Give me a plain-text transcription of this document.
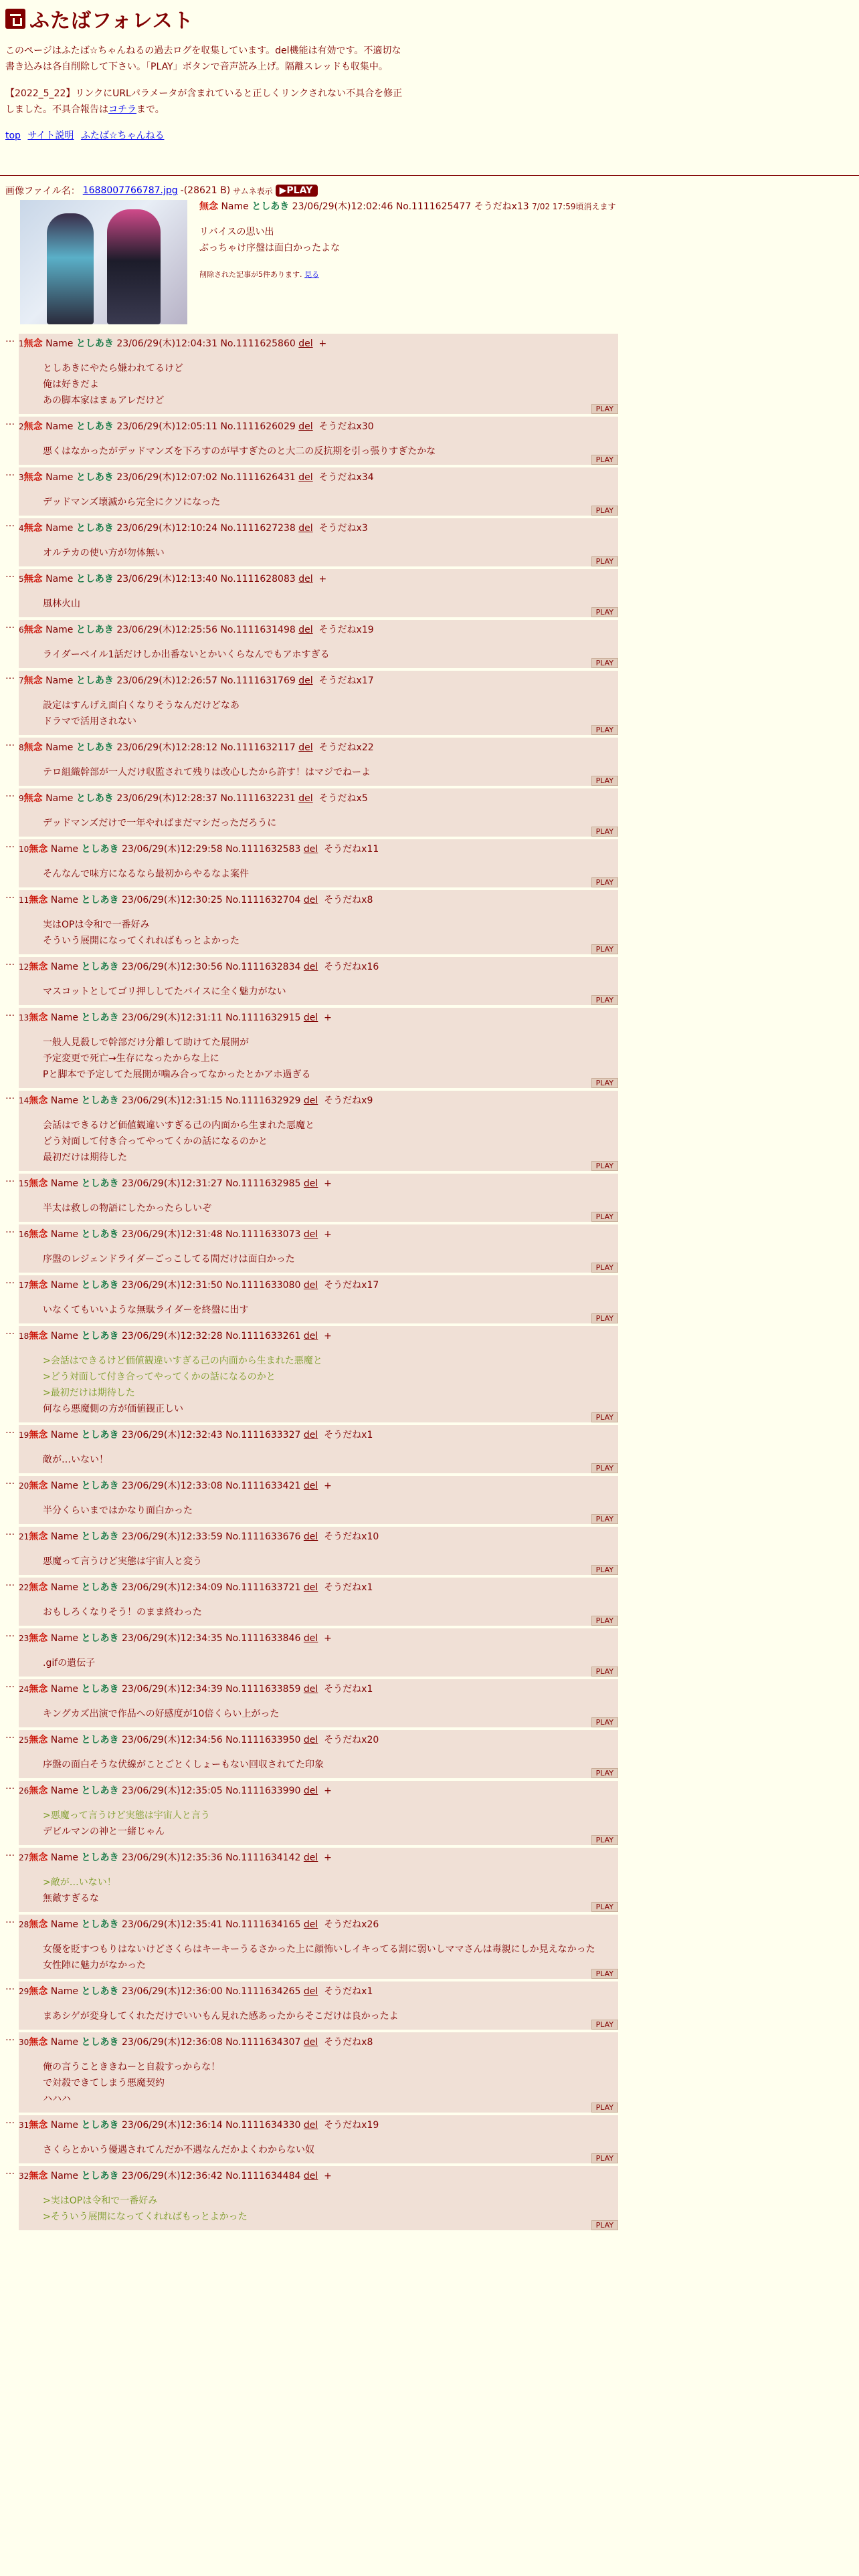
ふたばフォレスト

このページはふたば☆ちゃんねるの過去ログを収集しています。del機能は有効です。不適切な書き込みは各自削除して下さい。「PLAY」ボタンで音声読み上げ。隔離スレッドも収集中。

【2022_5_22】リンクにURLパラメータが含まれていると正しくリンクされない不具合を修正しました。不具合報告はコチラまで。

top サイト説明 ふたば☆ちゃんねる
画像ファイル名： 1688007766787.jpg -(28621 B) サムネ表示 ▶PLAY
無念 Name としあき 23/06/29(木)12:02:46 No.1111625477 そうだねx13 7/02 17:59頃消えます
リバイスの思い出
ぶっちゃけ序盤は面白かったよな
削除された記事が5件あります. 見る
… 1無念 Name としあき 23/06/29(木)12:04:31 No.1111625860 del +
としあきにやたら嫌われてるけど
俺は好きだよ
あの脚本家はまぁアレだけど
PLAY
… 2無念 Name としあき 23/06/29(木)12:05:11 No.1111626029 del そうだねx30
悪くはなかったがデッドマンズを下ろすのが早すぎたのと大二の反抗期を引っ張りすぎたかな
PLAY
… 3無念 Name としあき 23/06/29(木)12:07:02 No.1111626431 del そうだねx34
デッドマンズ壊滅から完全にクソになった
PLAY
… 4無念 Name としあき 23/06/29(木)12:10:24 No.1111627238 del そうだねx3
オルテカの使い方が勿体無い
PLAY
… 5無念 Name としあき 23/06/29(木)12:13:40 No.1111628083 del +
風林火山
PLAY
… 6無念 Name としあき 23/06/29(木)12:25:56 No.1111631498 del そうだねx19
ライダーベイル1話だけしか出番ないとかいくらなんでもアホすぎる
PLAY
… 7無念 Name としあき 23/06/29(木)12:26:57 No.1111631769 del そうだねx17
設定はすんげえ面白くなりそうなんだけどなあ
ドラマで活用されない
PLAY
… 8無念 Name としあき 23/06/29(木)12:28:12 No.1111632117 del そうだねx22
テロ組織幹部が一人だけ収監されて残りは改心したから許す！はマジでねーよ
PLAY
… 9無念 Name としあき 23/06/29(木)12:28:37 No.1111632231 del そうだねx5
デッドマンズだけで一年やればまだマシだっただろうに
PLAY
… 10無念 Name としあき 23/06/29(木)12:29:58 No.1111632583 del そうだねx11
そんなんで味方になるなら最初からやるなよ案件
PLAY
… 11無念 Name としあき 23/06/29(木)12:30:25 No.1111632704 del そうだねx8
実はOPは令和で一番好み
そういう展開になってくれればもっとよかった
PLAY
… 12無念 Name としあき 23/06/29(木)12:30:56 No.1111632834 del そうだねx16
マスコットとしてゴリ押ししてたバイスに全く魅力がない
PLAY
… 13無念 Name としあき 23/06/29(木)12:31:11 No.1111632915 del +
一般人見殺しで幹部だけ分離して助けてた展開が
予定変更で死亡→生存になったからな上に
Pと脚本で予定してた展開が噛み合ってなかったとかアホ過ぎる
PLAY
… 14無念 Name としあき 23/06/29(木)12:31:15 No.1111632929 del そうだねx9
会話はできるけど価値観違いすぎる己の内面から生まれた悪魔と
どう対面して付き合ってやってくかの話になるのかと
最初だけは期待した
PLAY
… 15無念 Name としあき 23/06/29(木)12:31:27 No.1111632985 del +
半太は救しの物語にしたかったらしいぞ
PLAY
… 16無念 Name としあき 23/06/29(木)12:31:48 No.1111633073 del +
序盤のレジェンドライダーごっこしてる間だけは面白かった
PLAY
… 17無念 Name としあき 23/06/29(木)12:31:50 No.1111633080 del そうだねx17
いなくてもいいような無駄ライダーを終盤に出す
PLAY
… 18無念 Name としあき 23/06/29(木)12:32:28 No.1111633261 del +
>会話はできるけど価値観違いすぎる己の内面から生まれた悪魔と
>どう対面して付き合ってやってくかの話になるのかと
>最初だけは期待した
何なら悪魔側の方が価値観正しい
PLAY
… 19無念 Name としあき 23/06/29(木)12:32:43 No.1111633327 del そうだねx1
敵が…いない！
PLAY
… 20無念 Name としあき 23/06/29(木)12:33:08 No.1111633421 del +
半分くらいまではかなり面白かった
PLAY
… 21無念 Name としあき 23/06/29(木)12:33:59 No.1111633676 del そうだねx10
悪魔って言うけど実態は宇宙人と変う
PLAY
… 22無念 Name としあき 23/06/29(木)12:34:09 No.1111633721 del そうだねx1
おもしろくなりそう！のまま終わった
PLAY
… 23無念 Name としあき 23/06/29(木)12:34:35 No.1111633846 del +
.gifの遺伝子
PLAY
… 24無念 Name としあき 23/06/29(木)12:34:39 No.1111633859 del そうだねx1
キングカズ出演で作品への好感度が10倍くらい上がった
PLAY
… 25無念 Name としあき 23/06/29(木)12:34:56 No.1111633950 del そうだねx20
序盤の面白そうな伏線がことごとくしょーもない回収されてた印象
PLAY
… 26無念 Name としあき 23/06/29(木)12:35:05 No.1111633990 del +
>悪魔って言うけど実態は宇宙人と言う
デビルマンの神と一緒じゃん
PLAY
… 27無念 Name としあき 23/06/29(木)12:35:36 No.1111634142 del +
>敵が…いない！
無敵すぎるな
PLAY
… 28無念 Name としあき 23/06/29(木)12:35:41 No.1111634165 del そうだねx26
女優を貶すつもりはないけどさくらはキーキーうるさかった上に顔怖いしイキってる割に弱いしママさんは毒親にしか見えなかった
女性陣に魅力がなかった
PLAY
… 29無念 Name としあき 23/06/29(木)12:36:00 No.1111634265 del そうだねx1
まあシゲが変身してくれただけでいいもん見れた感あったからそこだけは良かったよ
PLAY
… 30無念 Name としあき 23/06/29(木)12:36:08 No.1111634307 del そうだねx8
俺の言うことききねーと自殺すっからな！
で対殺できてしまう悪魔契約
ハハハ
PLAY
… 31無念 Name としあき 23/06/29(木)12:36:14 No.1111634330 del そうだねx19
さくらとかいう優遇されてんだか不遇なんだかよくわからない奴
PLAY
… 32無念 Name としあき 23/06/29(木)12:36:42 No.1111634484 del +
>実はOPは令和で一番好み
>そういう展開になってくれればもっとよかった
PLAY
